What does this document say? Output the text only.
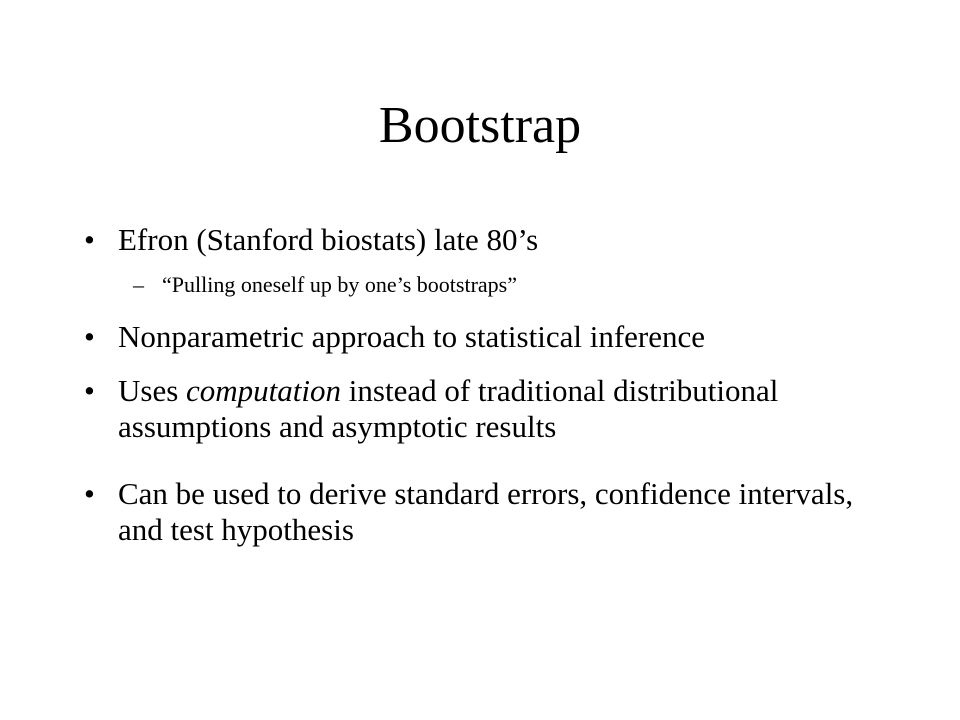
Bootstrap
• Efron (Stanford biostats) late 80’s
– “Pulling oneself up by one’s bootstraps”
• Nonparametric approach to statistical inference
• Uses computation instead of traditional distributional assumptions and asymptotic results
• Can be used to derive standard errors, confidence intervals, and test hypothesis
